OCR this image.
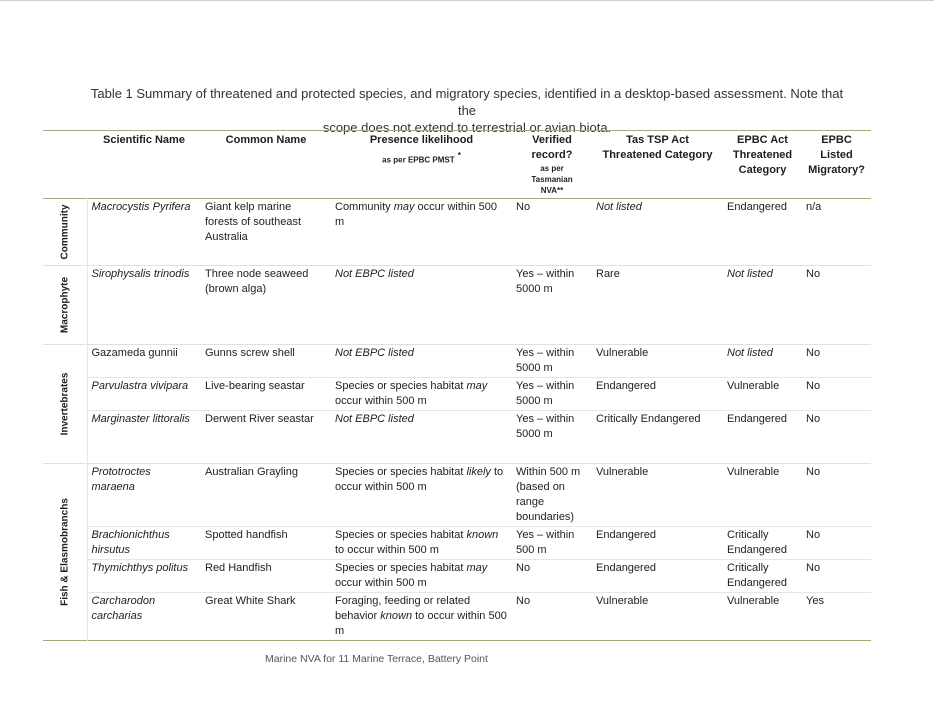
Table 1 Summary of threatened and protected species, and migratory species, identified in a desktop-based assessment. Note that the
scope does not extend to terrestrial or avian biota.
	Scientific Name	Common Name	Presence likelihood
as per EPBC PMST *	Verified
record?
as per
Tasmanian
NVA**	Tas TSP Act
Threatened Category	EPBC Act
Threatened
Category	EPBC
Listed
Migratory?

Community	Macrocystis Pyrifera	Giant kelp marine forests of southeast Australia	Community may occur within 500 m	No	Not listed	Endangered	n/a

Macrophyte	Sirophysalis trinodis	Three node seaweed (brown alga)	Not EBPC listed	Yes – within 5000 m	Rare	Not listed	No

Invertebrates	Gazameda gunnii	Gunns screw shell	Not EBPC listed	Yes – within 5000 m	Vulnerable	Not listed	No
	Parvulastra vivipara	Live-bearing seastar	Species or species habitat may occur within 500 m	Yes – within 5000 m	Endangered	Vulnerable	No
	Marginaster littoralis	Derwent River seastar	Not EBPC listed	Yes – within 5000 m	Critically Endangered	Endangered	No

Fish & Elasmobranchs	Prototroctes maraena	Australian Grayling	Species or species habitat likely to occur within 500 m	Within 500 m (based on range boundaries)	Vulnerable	Vulnerable	No
	Brachionichthus hirsutus	Spotted handfish	Species or species habitat known to occur within 500 m	Yes – within 500 m	Endangered	Critically Endangered	No
	Thymichthys politus	Red Handfish	Species or species habitat may occur within 500 m	No	Endangered	Critically Endangered	No
	Carcharodon carcharias	Great White Shark	Foraging, feeding or related behavior known to occur within 500 m	No	Vulnerable	Vulnerable	Yes
Marine NVA for 11 Marine Terrace, Battery Point
